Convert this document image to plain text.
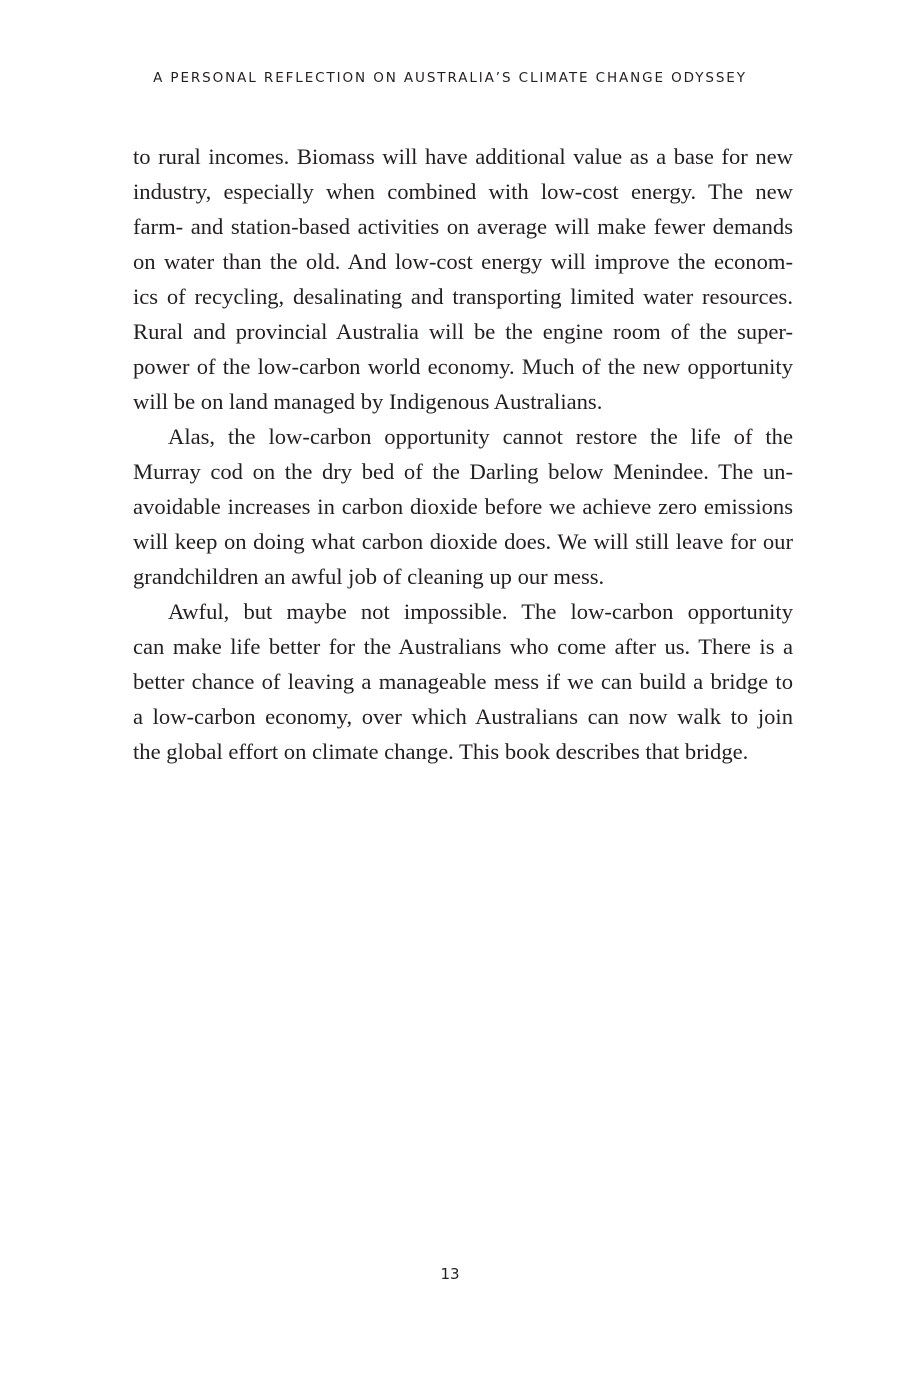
A PERSONAL REFLECTION ON AUSTRALIA’S CLIMATE CHANGE ODYSSEY
to rural incomes. Biomass will have additional value as a base for new
industry, especially when combined with low-cost energy. The new
farm- and station-based activities on average will make fewer demands
on water than the old. And low-cost energy will improve the econom-
ics of recycling, desalinating and transporting limited water resources.
Rural and provincial Australia will be the engine room of the super-
power of the low-carbon world economy. Much of the new opportunity
will be on land managed by Indigenous Australians.
Alas, the low-carbon opportunity cannot restore the life of the
Murray cod on the dry bed of the Darling below Menindee. The un-
avoidable increases in carbon dioxide before we achieve zero emissions
will keep on doing what carbon dioxide does. We will still leave for our
grandchildren an awful job of cleaning up our mess.
Awful, but maybe not impossible. The low-carbon opportunity
can make life better for the Australians who come after us. There is a
better chance of leaving a manageable mess if we can build a bridge to
a low-carbon economy, over which Australians can now walk to join
the global effort on climate change. This book describes that bridge.
13
